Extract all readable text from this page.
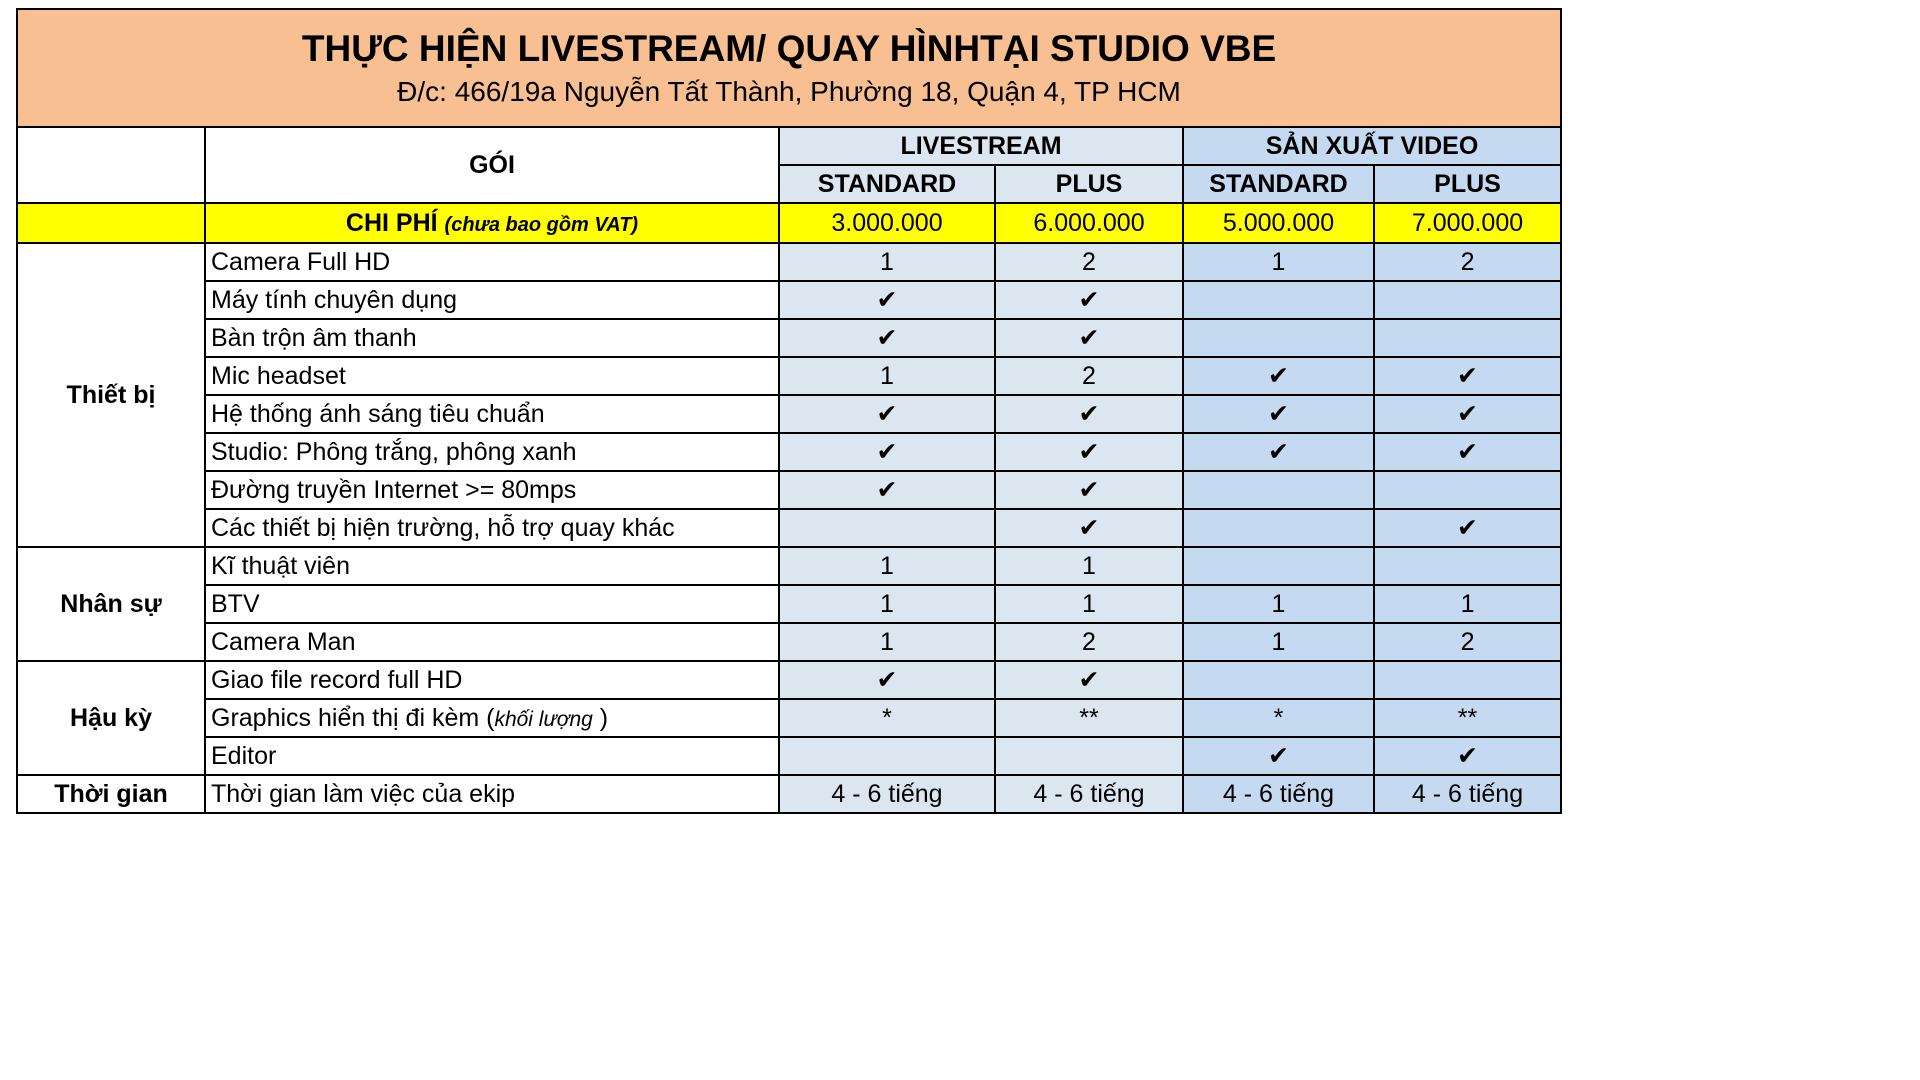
THỰC HIỆN LIVESTREAM/ QUAY HÌNHTẠI STUDIO VBE
Đ/c: 466/19a Nguyễn Tất Thành, Phường 18, Quận 4, TP HCM					

	GÓI	LIVESTREAM		SẢN XUẤT VIDEO	
		STANDARD	PLUS	STANDARD	PLUS
	CHI PHÍ (chưa bao gồm VAT)	3.000.000	6.000.000	5.000.000	7.000.000
Thiết bị	Camera Full HD	1	2	1	2
	Máy tính chuyên dụng	✔	✔		
	Bàn trộn âm thanh	✔	✔		
	Mic headset	1	2	✔	✔
	Hệ thống ánh sáng tiêu chuẩn	✔	✔	✔	✔
	Studio: Phông trắng, phông xanh	✔	✔	✔	✔
	Đường truyền Internet >= 80mps	✔	✔		
	Các thiết bị hiện trường, hỗ trợ quay khác		✔		✔
Nhân sự	Kĩ thuật viên	1	1		
	BTV	1	1	1	1
	Camera Man	1	2	1	2
Hậu kỳ	Giao file record full HD	✔	✔		
	Graphics hiển thị đi kèm (khối lượng )	*	**	*	**
	Editor			✔	✔
Thời gian	Thời gian làm việc của ekip	4 - 6 tiếng	4 - 6 tiếng	4 - 6 tiếng	4 - 6 tiếng
